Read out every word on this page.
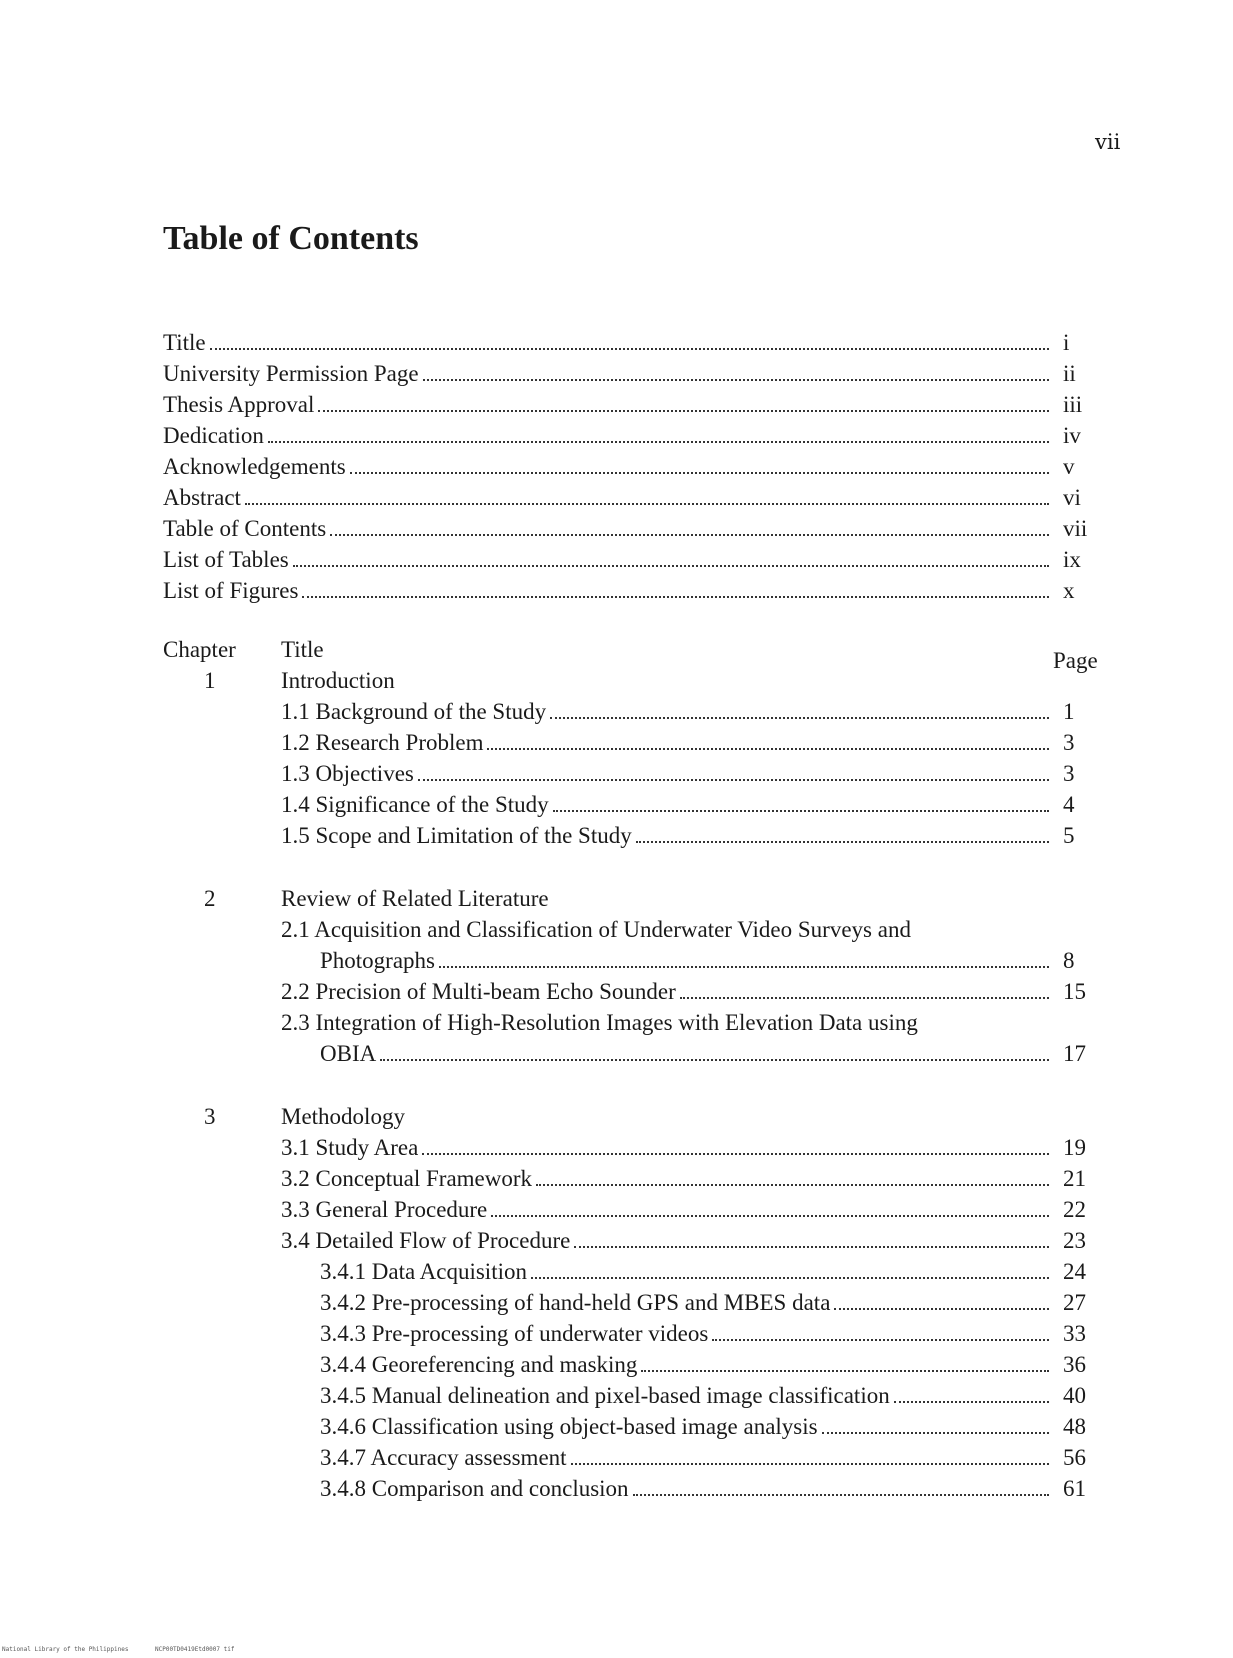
vii
Table of Contents
Title	i
University Permission Page	ii
Thesis Approval	iii
Dedication	iv
Acknowledgements	v
Abstract	vi
Table of Contents	vii
List of Tables	ix
List of Figures	x
Chapter Title	Page
1	Introduction
1.1 Background of the Study	1
1.2 Research Problem	3
1.3 Objectives	3
1.4 Significance of the Study	4
1.5 Scope and Limitation of the Study	5
2	Review of Related Literature
2.1 Acquisition and Classification of Underwater Video Surveys and
Photographs	8
2.2 Precision of Multi-beam Echo Sounder	15
2.3 Integration of High-Resolution Images with Elevation Data using
OBIA	17
3	Methodology
3.1 Study Area	19
3.2 Conceptual Framework	21
3.3 General Procedure	22
3.4 Detailed Flow of Procedure	23
3.4.1 Data Acquisition	24
3.4.2 Pre-processing of hand-held GPS and MBES data	27
3.4.3 Pre-processing of underwater videos	33
3.4.4 Georeferencing and masking	36
3.4.5 Manual delineation and pixel-based image classification	40
3.4.6 Classification using object-based image analysis	48
3.4.7 Accuracy assessment	56
3.4.8 Comparison and conclusion	61
National Library of the Philippines	NCP00TD0419Etd0007 tif
